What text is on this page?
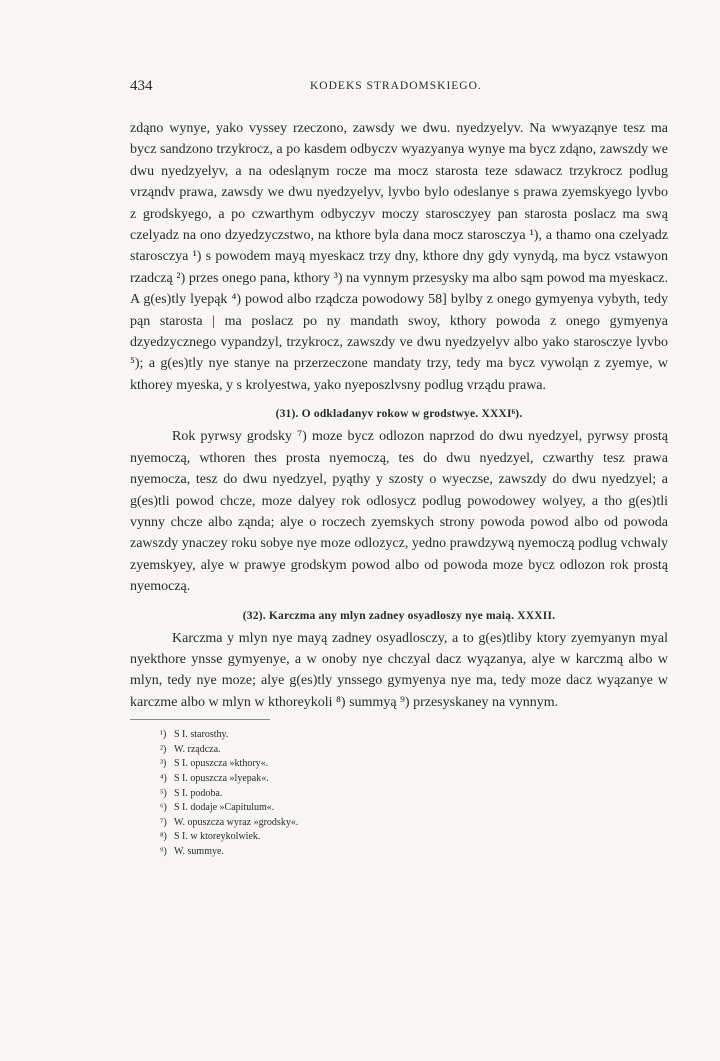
434	KODEKS STRADOMSKIEGO.

zdąno wynye, yako vyssey rzeczono, zawsdy we dwu. nyedzyelyv. Na wwyaząnye tesz ma bycz sandzono trzykrocz, a po kasdem odbyczv wyazyanya wynye ma bycz zdąno, zawszdy we dwu nyedzyelyv, a na odesląnym rocze ma mocz starosta teze sdawacz trzykrocz podlug vrząndv prawa, zawsdy we dwu nyedzyelyv, lyvbo bylo odeslanye s prawa zyemskyego lyvbo z grodskyego, a po czwarthym odbyczyv moczy starosczyey pan starosta poslacz ma swą czelyadz na ono dzyedzyczstwo, na kthore byla dana mocz starosczya ¹), a thamo ona czelyadz starosczya ¹) s powodem mayą myeskacz trzy dny, kthore dny gdy vynydą, ma bycz vstawyon rzadczą ²) przes onego pana, kthory ³) na vynnym przesysky ma albo sąm powod ma myeskacz. A g(es)tly lyepąk ⁴) powod albo rządcza powodowy 58] bylby z onego gymyenya vybyth, tedy pąn starosta | ma poslacz po ny mandath swoy, kthory powoda z onego gymyenya dzyedzycznego vypandzyl, trzykrocz, zawszdy ve dwu nyedzyelyv albo yako starosczye lyvbo ⁵); a g(es)tly nye stanye na przerzeczone mandaty trzy, tedy ma bycz vywoląn z zyemye, w kthorey myeska, y s krolyestwa, yako nyeposzlvsny podlug vrządu prawa.

(31). O odkladanyv rokow w grodstwye. XXXI⁶).

Rok pyrwsy grodsky ⁷) moze bycz odlozon naprzod do dwu nyedzyel, pyrwsy prostą nyemoczą, wthoren thes prosta nyemoczą, tes do dwu nyedzyel, czwarthy tesz prawa nyemocza, tesz do dwu nyedzyel, pyąthy y szosty o wyeczse, zawszdy do dwu nyedzyel; a g(es)tli powod chcze, moze dalyey rok odlosycz podlug powodowey wolyey, a tho g(es)tli vynny chcze albo ząnda; alye o roczech zyemskych strony powoda powod albo od powoda zawszdy ynaczey roku sobye nye moze odlozycz, yedno prawdzywą nyemoczą podlug vchwaly zyemskyey, alye w prawye grodskym powod albo od powoda moze bycz odlozon rok prostą nyemoczą.

(32). Karczma any mlyn zadney osyadloszy nye maią. XXXII.

Karczma y mlyn nye mayą zadney osyadlosczy, a to g(es)tliby ktory zyemyanyn myal nyekthore ynsse gymyenye, a w onoby nye chczyal dacz wyązanya, alye w karczmą albo w mlyn, tedy nye moze; alye g(es)tly ynssego gymyenya nye ma, tedy moze dacz wyązanye w karczme albo w mlyn w kthoreykoli ⁸) summyą ⁹) przesyskaney na vynnym.

¹) S I. starosthy.
²) W. rządcza.
³) S I. opuszcza »kthory«.
⁴) S I. opuszcza »lyepak«.
⁵) S I. podoba.
⁶) S I. dodaje »Capitulum«.
⁷) W. opuszcza wyraz »grodsky«.
⁸) S I. w ktoreykolwiek.
⁹) W. summye.
